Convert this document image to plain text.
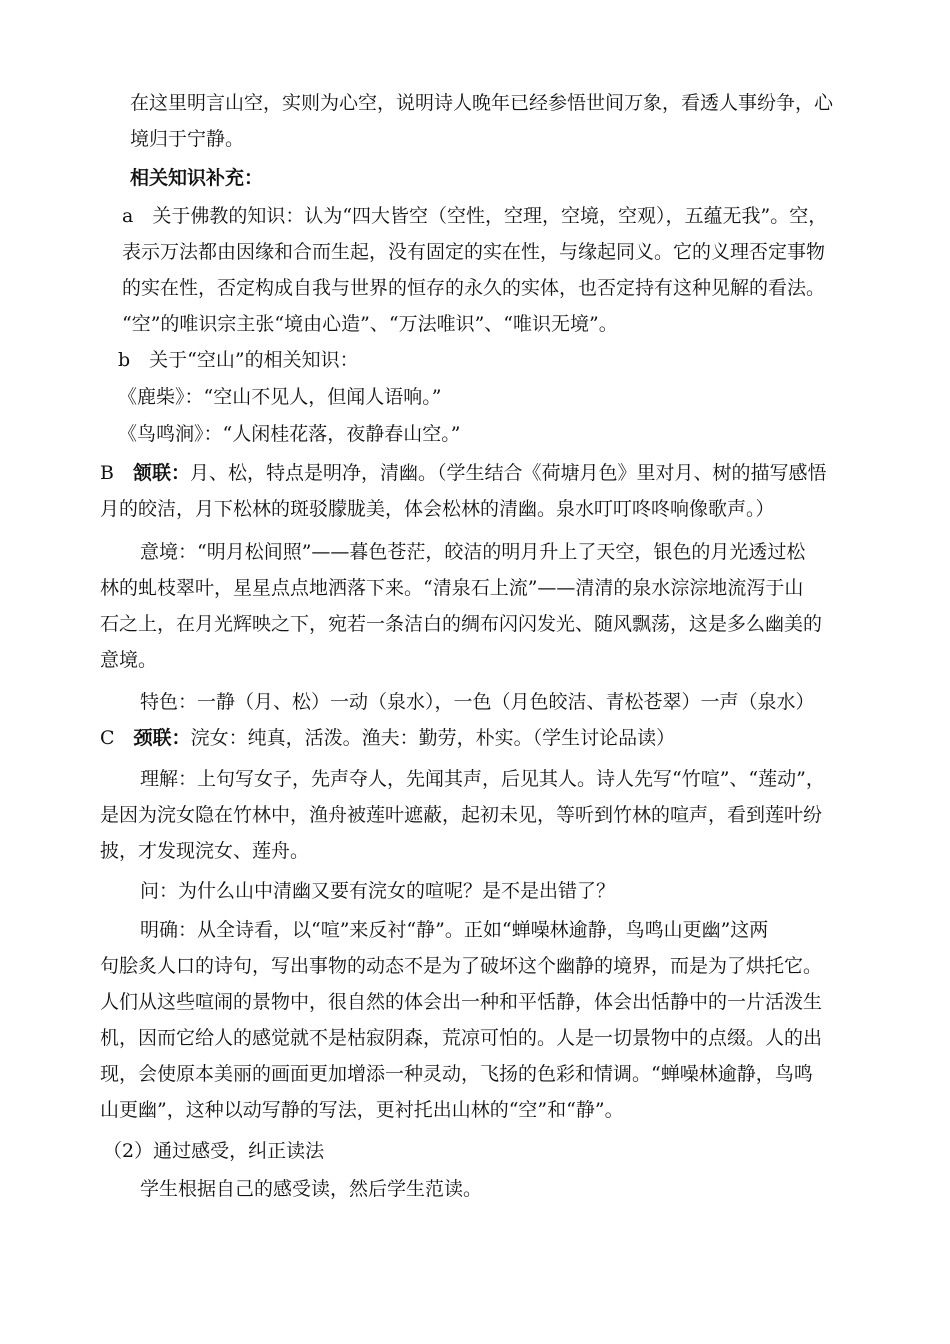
在这里明言山空，实则为心空，说明诗人晚年已经参悟世间万象，看透人事纷争，心
境归于宁静。
相关知识补充：
a　关于佛教的知识：认为“四大皆空（空性，空理，空境，空观），五蕴无我”。空，
表示万法都由因缘和合而生起，没有固定的实在性，与缘起同义。它的义理否定事物
的实在性，否定构成自我与世界的恒存的永久的实体，也否定持有这种见解的看法。
“空”的唯识宗主张“境由心造”、“万法唯识”、“唯识无境”。
b　关于“空山”的相关知识：
《鹿柴》：“空山不见人，但闻人语响。”
《鸟鸣涧》：“人闲桂花落，夜静春山空。”
B　颔联：月、松，特点是明净，清幽。（学生结合《荷塘月色》里对月、树的描写感悟
月的皎洁，月下松林的斑驳朦胧美，体会松林的清幽。泉水叮叮咚咚响像歌声。）
意境：“明月松间照”——暮色苍茫，皎洁的明月升上了天空，银色的月光透过松
林的虬枝翠叶，星星点点地洒落下来。“清泉石上流”——清清的泉水淙淙地流泻于山
石之上，在月光辉映之下，宛若一条洁白的绸布闪闪发光、随风飘荡，这是多么幽美的
意境。
特色：一静（月、松）一动（泉水），一色（月色皎洁、青松苍翠）一声（泉水）
C　颈联：浣女：纯真，活泼。渔夫：勤劳，朴实。（学生讨论品读）
理解：上句写女子，先声夺人，先闻其声，后见其人。诗人先写“竹喧”、“莲动”，
是因为浣女隐在竹林中，渔舟被莲叶遮蔽，起初未见，等听到竹林的喧声，看到莲叶纷
披，才发现浣女、莲舟。
问：为什么山中清幽又要有浣女的喧呢？是不是出错了？
明确：从全诗看，以“喧”来反衬“静”。正如“蝉噪林逾静，鸟鸣山更幽”这两
句脍炙人口的诗句，写出事物的动态不是为了破坏这个幽静的境界，而是为了烘托它。
人们从这些喧闹的景物中，很自然的体会出一种和平恬静，体会出恬静中的一片活泼生
机，因而它给人的感觉就不是枯寂阴森，荒凉可怕的。人是一切景物中的点缀。人的出
现，会使原本美丽的画面更加增添一种灵动，飞扬的色彩和情调。“蝉噪林逾静，鸟鸣
山更幽”，这种以动写静的写法，更衬托出山林的“空”和“静”。
（2）通过感受，纠正读法
学生根据自己的感受读，然后学生范读。
